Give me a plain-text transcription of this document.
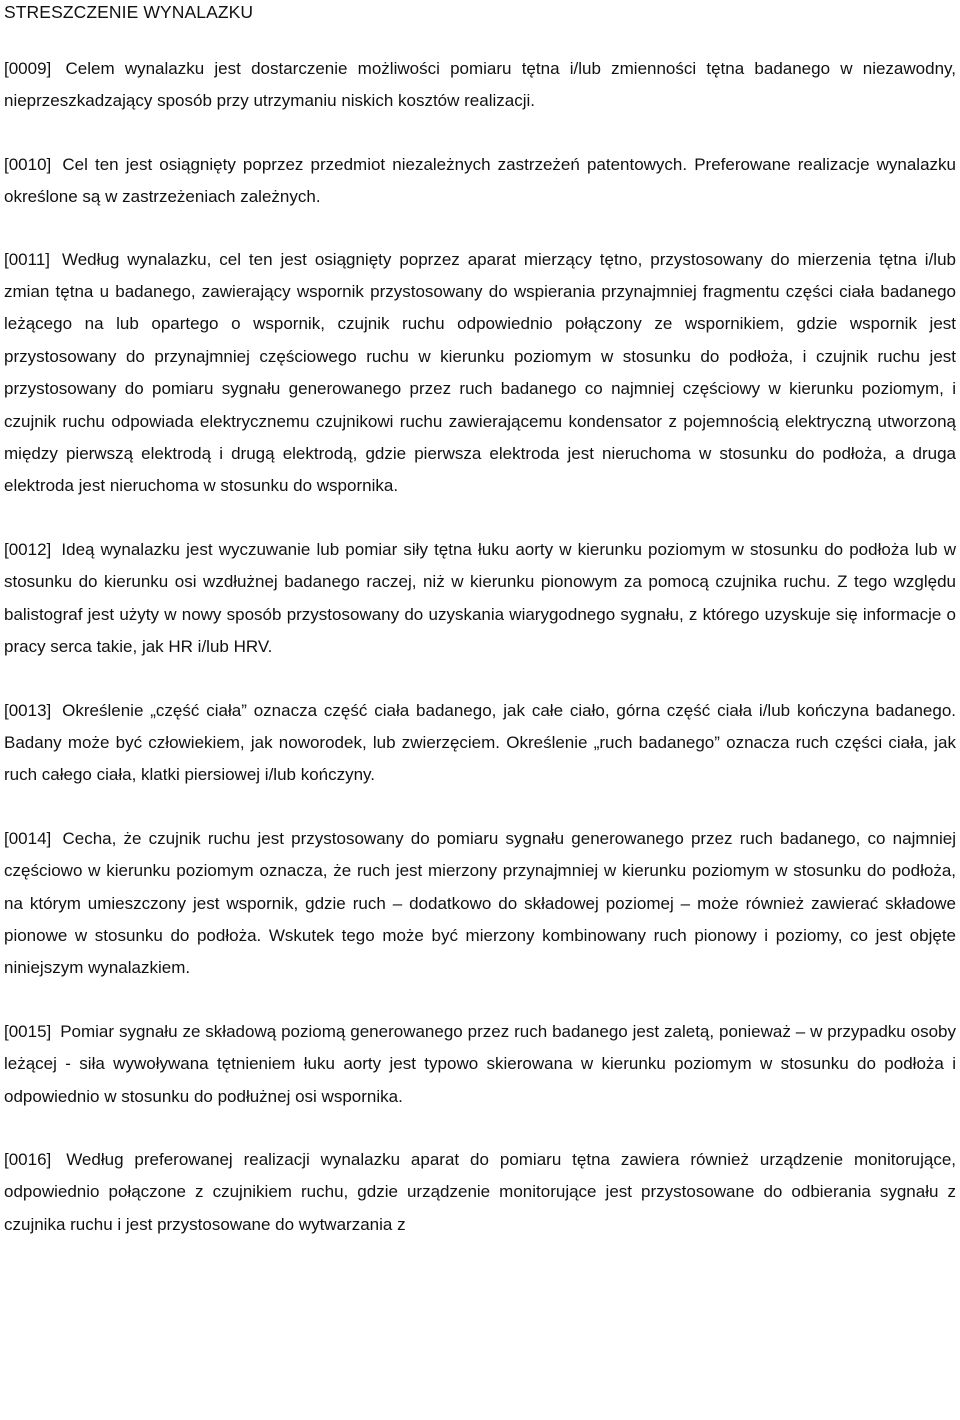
STRESZCZENIE WYNALAZKU

[0009] Celem wynalazku jest dostarczenie możliwości pomiaru tętna i/lub zmienności tętna badanego w niezawodny, nieprzeszkadzający sposób przy utrzymaniu niskich kosztów realizacji.

[0010] Cel ten jest osiągnięty poprzez przedmiot niezależnych zastrzeżeń patentowych. Preferowane realizacje wynalazku określone są w zastrzeżeniach zależnych.

[0011] Według wynalazku, cel ten jest osiągnięty poprzez aparat mierzący tętno, przystosowany do mierzenia tętna i/lub zmian tętna u badanego, zawierający wspornik przystosowany do wspierania przynajmniej fragmentu części ciała badanego leżącego na lub opartego o wspornik, czujnik ruchu odpowiednio połączony ze wspornikiem, gdzie wspornik jest przystosowany do przynajmniej częściowego ruchu w kierunku poziomym w stosunku do podłoża, i czujnik ruchu jest przystosowany do pomiaru sygnału generowanego przez ruch badanego co najmniej częściowy w kierunku poziomym, i czujnik ruchu odpowiada elektrycznemu czujnikowi ruchu zawierającemu kondensator z pojemnością elektryczną utworzoną między pierwszą elektrodą i drugą elektrodą, gdzie pierwsza elektroda jest nieruchoma w stosunku do podłoża, a druga elektroda jest nieruchoma w stosunku do wspornika.

[0012] Ideą wynalazku jest wyczuwanie lub pomiar siły tętna łuku aorty w kierunku poziomym w stosunku do podłoża lub w stosunku do kierunku osi wzdłużnej badanego raczej, niż w kierunku pionowym za pomocą czujnika ruchu. Z tego względu balistograf jest użyty w nowy sposób przystosowany do uzyskania wiarygodnego sygnału, z którego uzyskuje się informacje o pracy serca takie, jak HR i/lub HRV.

[0013] Określenie „część ciała” oznacza część ciała badanego, jak całe ciało, górna część ciała i/lub kończyna badanego. Badany może być człowiekiem, jak noworodek, lub zwierzęciem. Określenie „ruch badanego” oznacza ruch części ciała, jak ruch całego ciała, klatki piersiowej i/lub kończyny.

[0014] Cecha, że czujnik ruchu jest przystosowany do pomiaru sygnału generowanego przez ruch badanego, co najmniej częściowo w kierunku poziomym oznacza, że ruch jest mierzony przynajmniej w kierunku poziomym w stosunku do podłoża, na którym umieszczony jest wspornik, gdzie ruch – dodatkowo do składowej poziomej – może również zawierać składowe pionowe w stosunku do podłoża. Wskutek tego może być mierzony kombinowany ruch pionowy i poziomy, co jest objęte niniejszym wynalazkiem.

[0015] Pomiar sygnału ze składową poziomą generowanego przez ruch badanego jest zaletą, ponieważ – w przypadku osoby leżącej - siła wywoływana tętnieniem łuku aorty jest typowo skierowana w kierunku poziomym w stosunku do podłoża i odpowiednio w stosunku do podłużnej osi wspornika.

[0016] Według preferowanej realizacji wynalazku aparat do pomiaru tętna zawiera również urządzenie monitorujące, odpowiednio połączone z czujnikiem ruchu, gdzie urządzenie monitorujące jest przystosowane do odbierania sygnału z czujnika ruchu i jest przystosowane do wytwarzania z
